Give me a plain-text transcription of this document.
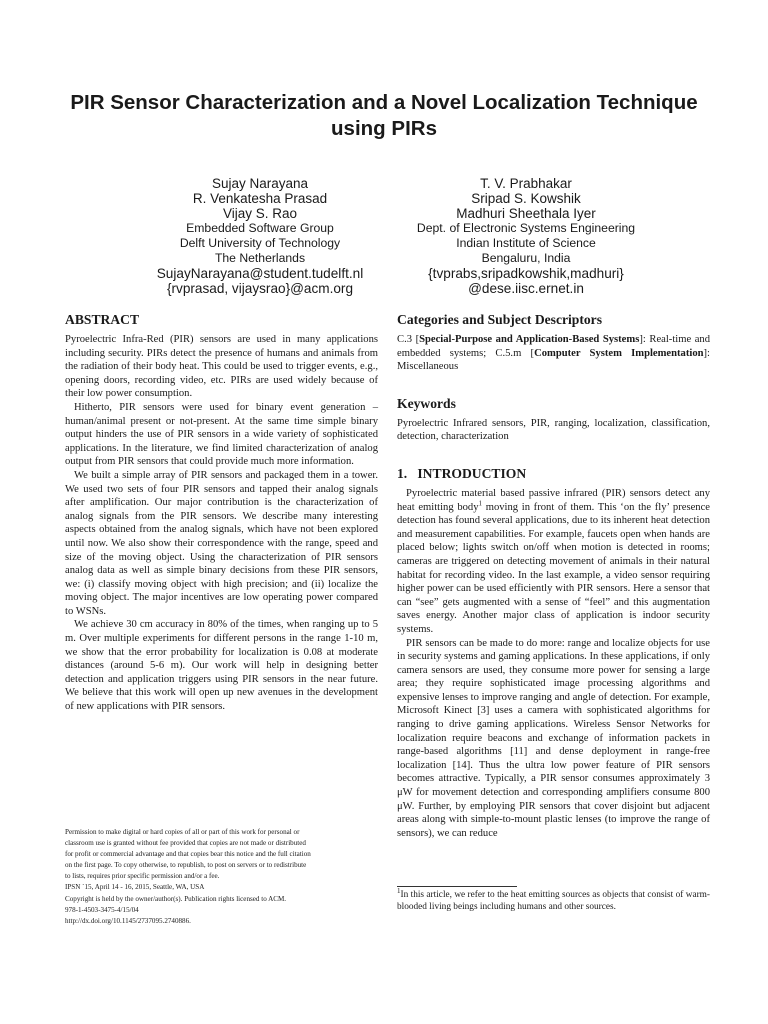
PIR Sensor Characterization and a Novel Localization Technique using PIRs
Sujay Narayana
R. Venkatesha Prasad
Vijay S. Rao
Embedded Software Group
Delft University of Technology
The Netherlands
SujayNarayana@student.tudelft.nl
{rvprasad, vijaysrao}@acm.org
T. V. Prabhakar
Sripad S. Kowshik
Madhuri Sheethala Iyer
Dept. of Electronic Systems Engineering
Indian Institute of Science
Bengaluru, India
{tvprabs,sripadkowshik,madhuri}
@dese.iisc.ernet.in
ABSTRACT

Pyroelectric Infra-Red (PIR) sensors are used in many applications including security. PIRs detect the presence of humans and animals from the radiation of their body heat. This could be used to trigger events, e.g., opening doors, recording video, etc. PIRs are used widely because of their low power consumption.

Hitherto, PIR sensors were used for binary event generation – human/animal present or not-present. At the same time simple binary output hinders the use of PIR sensors in a wide variety of sophisticated applications. In the literature, we find limited characterization of analog output from PIR sensors that could provide much more information.

We built a simple array of PIR sensors and packaged them in a tower. We used two sets of four PIR sensors and tapped their analog signals after amplification. Our major contribution is the characterization of analog signals from the PIR sensors. We describe many interesting aspects obtained from the analog signals, which have not been explored until now. We also show their correspondence with the range, speed and size of the moving object. Using the characterization of PIR sensors analog data as well as simple binary decisions from these PIR sensors, we: (i) classify moving object with high precision; and (ii) localize the moving object. The major incentives are low operating power compared to WSNs.

We achieve 30 cm accuracy in 80% of the times, when ranging up to 5 m. Over multiple experiments for different persons in the range 1-10 m, we show that the error probability for localization is 0.08 at moderate distances (around 5-6 m). Our work will help in designing better detection and application triggers using PIR sensors in the near future. We believe that this work will open up new avenues in the development of new applications with PIR sensors.

Permission to make digital or hard copies of all or part of this work for personal or
classroom use is granted without fee provided that copies are not made or distributed
for profit or commercial advantage and that copies bear this notice and the full citation
on the first page. To copy otherwise, to republish, to post on servers or to redistribute
to lists, requires prior specific permission and/or a fee.
IPSN `15, April 14 - 16, 2015, Seattle, WA, USA
Copyright is held by the owner/author(s). Publication rights licensed to ACM.
978-1-4503-3475-4/15/04
http://dx.doi.org/10.1145/2737095.2740886.
Categories and Subject Descriptors

C.3 [Special-Purpose and Application-Based Systems]: Real-time and embedded systems; C.5.m [Computer System Implementation]: Miscellaneous

Keywords

Pyroelectric Infrared sensors, PIR, ranging, localization, classification, detection, characterization

1.   INTRODUCTION

Pyroelectric material based passive infrared (PIR) sensors detect any heat emitting body$^1$ moving in front of them. This ‘on the fly’ presence detection has found several applications, due to its inherent heat detection and measurement capabilities. For example, faucets open when hands are placed below; lights switch on/off when motion is detected in rooms; cameras are triggered on detecting movement of animals in their natural habitat for recording video. In the last example, a video sensor requiring higher power can be used efficiently with PIR sensors. Here a sensor that can “see” gets augmented with a sense of “feel” and this augmentation saves energy. Another major class of application is indoor security systems.

PIR sensors can be made to do more: range and localize objects for use in security systems and gaming applications. In these applications, if only camera sensors are used, they consume more power for sensing a large area; they require sophisticated image processing algorithms and expensive lenses to improve ranging and angle of detection. For example, Microsoft Kinect [3] uses a camera with sophisticated algorithms for ranging to drive gaming applications. Wireless Sensor Networks for localization require beacons and exchange of information packets in range-based algorithms [11] and dense deployment in range-free localization [14]. Thus the ultra low power feature of PIR sensors becomes attractive. Typically, a PIR sensor consumes approximately 3 μW for movement detection and corresponding amplifiers consume 800 μW. Further, by employing PIR sensors that cover disjoint but adjacent areas along with simple-to-mount plastic lenses (to improve the range of sensors), we can reduce

$^1$In this article, we refer to the heat emitting sources as objects that consist of warm-blooded living beings including humans and other sources.
